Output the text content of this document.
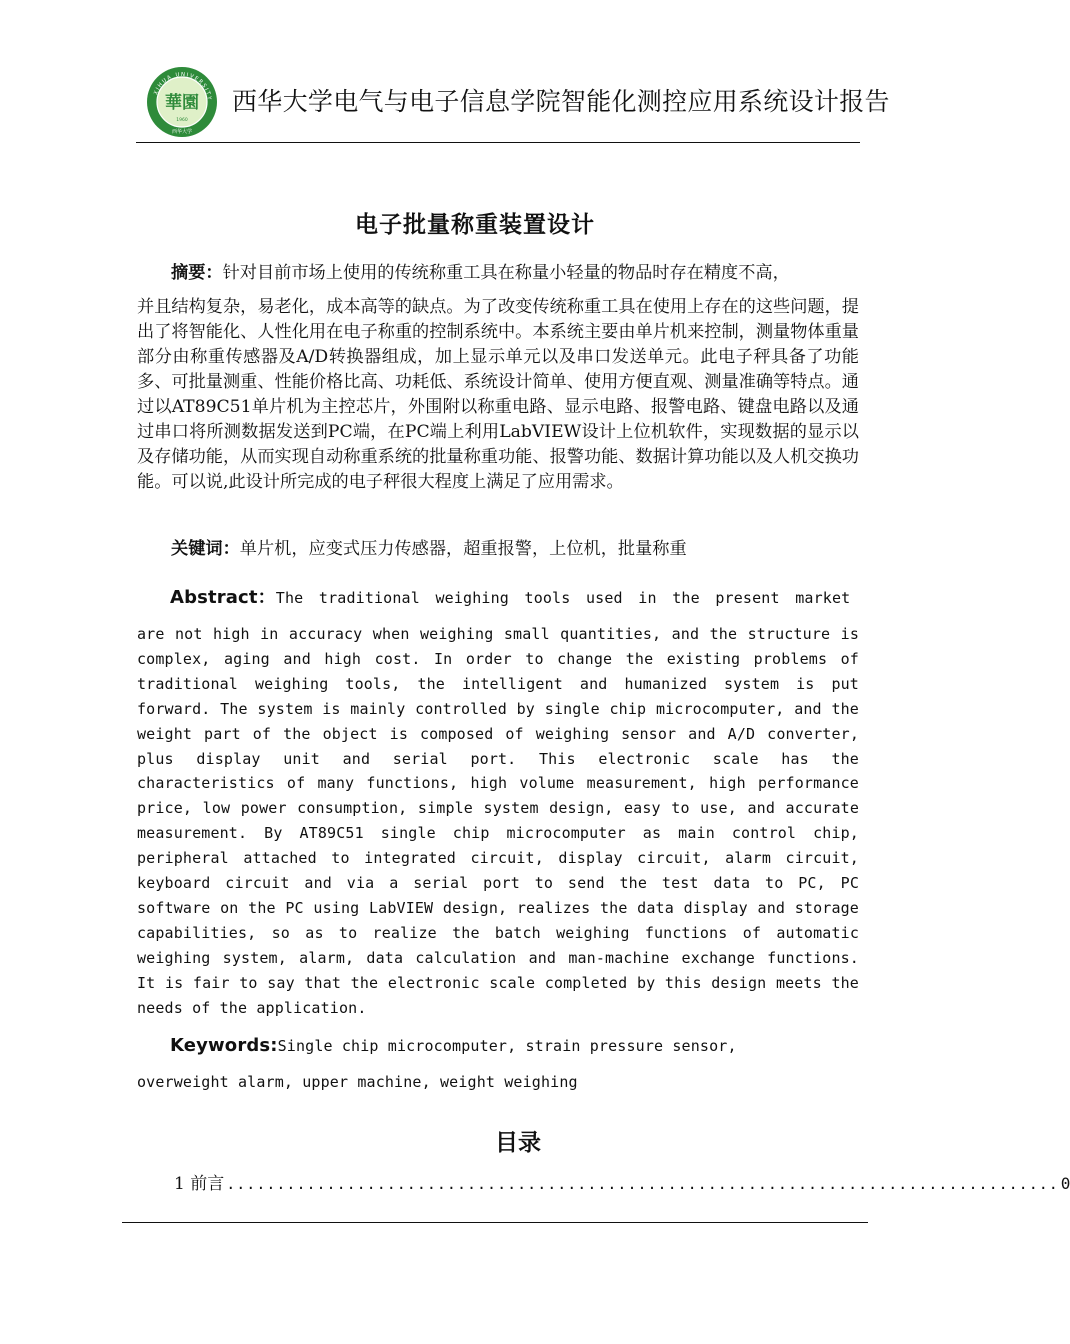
XIHUA UNIVERSITY
華園
1960
西华大学
西华大学电气与电子信息学院智能化测控应用系统设计报告
电子批量称重装置设计
摘要：针对目前市场上使用的传统称重工具在称量小轻量的物品时存在精度不高，
并且结构复杂，易老化，成本高等的缺点。为了改变传统称重工具在使用上存在的这些问题，提出了将智能化、人性化用在电子称重的控制系统中。本系统主要由单片机来控制，测量物体重量部分由称重传感器及A/D转换器组成，加上显示单元以及串口发送单元。此电子秤具备了功能多、可批量测重、性能价格比高、功耗低、系统设计简单、使用方便直观、测量准确等特点。通过以AT89C51单片机为主控芯片，外围附以称重电路、显示电路、报警电路、键盘电路以及通过串口将所测数据发送到PC端，在PC端上利用LabVIEW设计上位机软件，实现数据的显示以及存储功能，从而实现自动称重系统的批量称重功能、报警功能、数据计算功能以及人机交换功能。可以说,此设计所完成的电子秤很大程度上满足了应用需求。
关键词：单片机，应变式压力传感器，超重报警，上位机，批量称重
Abstract：The traditional weighing tools used in the present market
are not high in accuracy when weighing small quantities, and the structure is complex, aging and high cost. In order to change the existing problems of traditional weighing tools, the intelligent and humanized system is put forward. The system is mainly controlled by single chip microcomputer, and the weight part of the object is composed of weighing sensor and A/D converter, plus display unit and serial port. This electronic scale has the characteristics of many functions, high volume measurement, high performance price, low power consumption, simple system design, easy to use, and accurate measurement. By AT89C51 single chip microcomputer as main control chip, peripheral attached to integrated circuit, display circuit, alarm circuit, keyboard circuit and via a serial port to send the test data to PC, PC software on the PC using LabVIEW design, realizes the data display and storage capabilities, so as to realize the batch weighing functions of automatic weighing system, alarm, data calculation and man-machine exchange functions. It is fair to say that the electronic scale completed by this design meets the needs of the application.
Keywords:Single chip microcomputer, strain pressure sensor,
overweight alarm, upper machine, weight weighing
目录
1 前言 ................................................................................... 0
